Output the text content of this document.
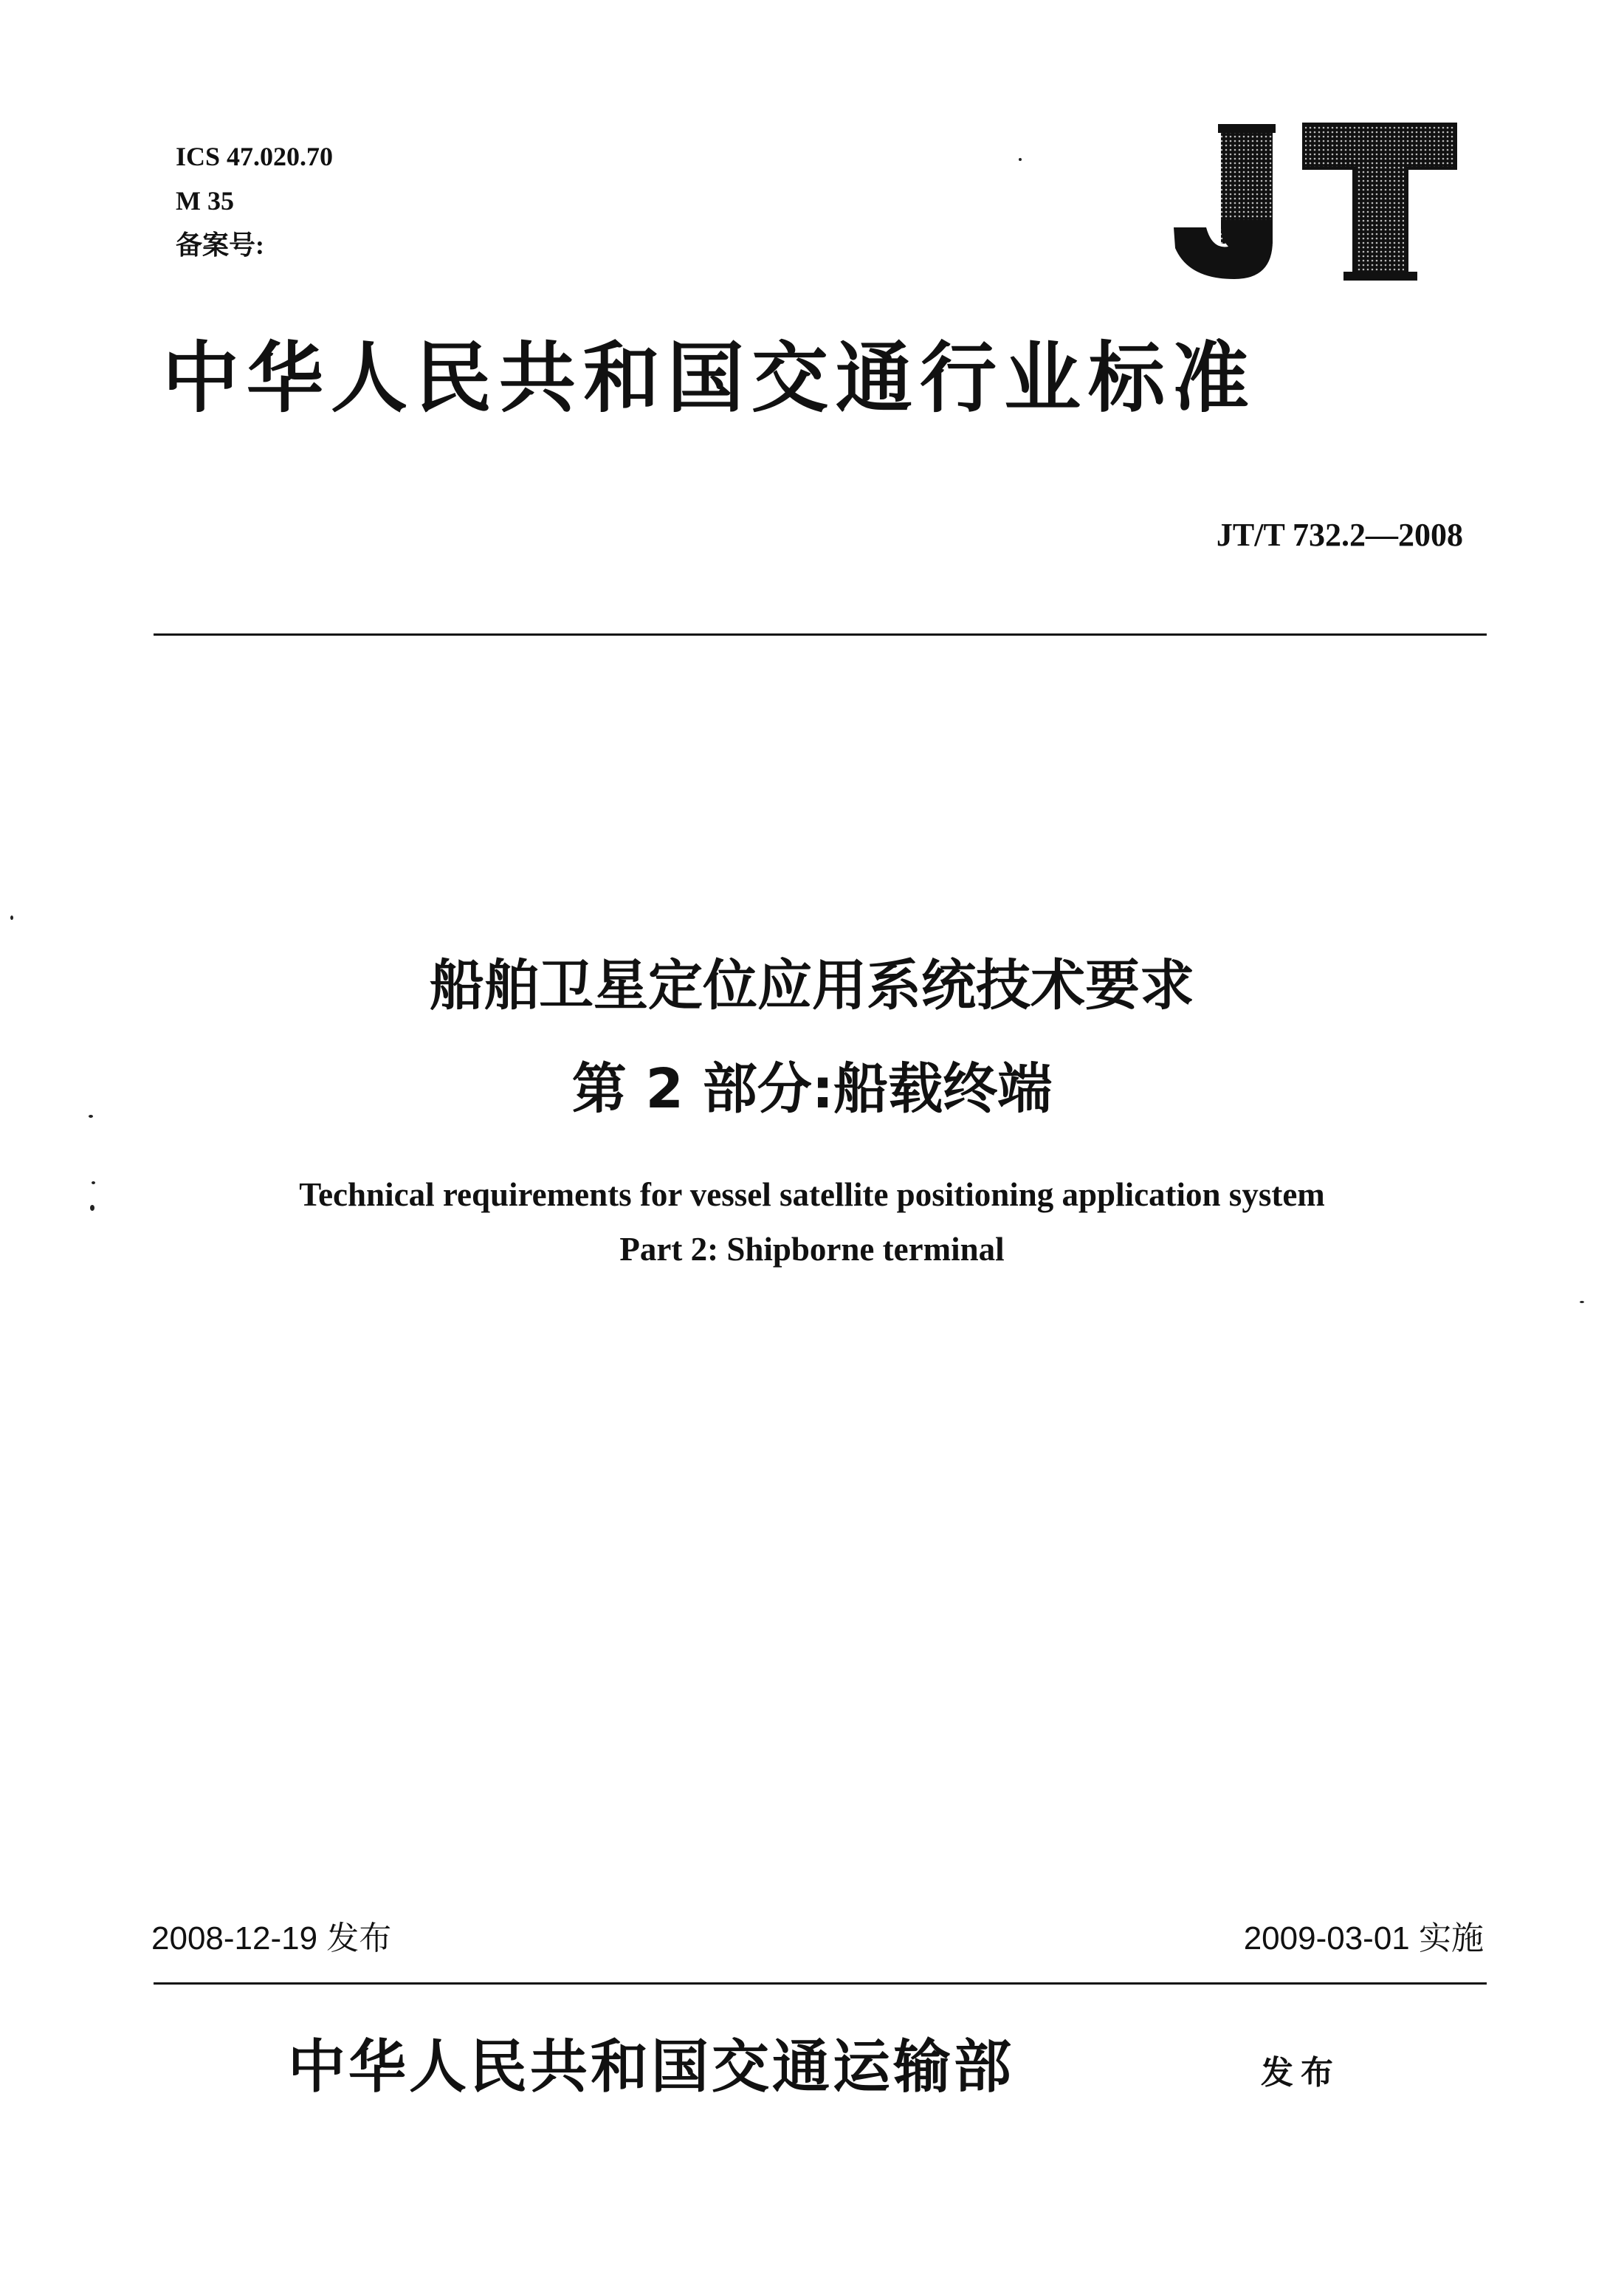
ICS 47.020.70
M 35
备案号:
中华人民共和国交通行业标准
JT/T 732.2—2008
船舶卫星定位应用系统技术要求
第 2 部分:船载终端
Technical requirements for vessel satellite positioning application system
Part 2: Shipborne terminal
2008-12-19 发布	2009-03-01 实施
中华人民共和国交通运输部	发布
